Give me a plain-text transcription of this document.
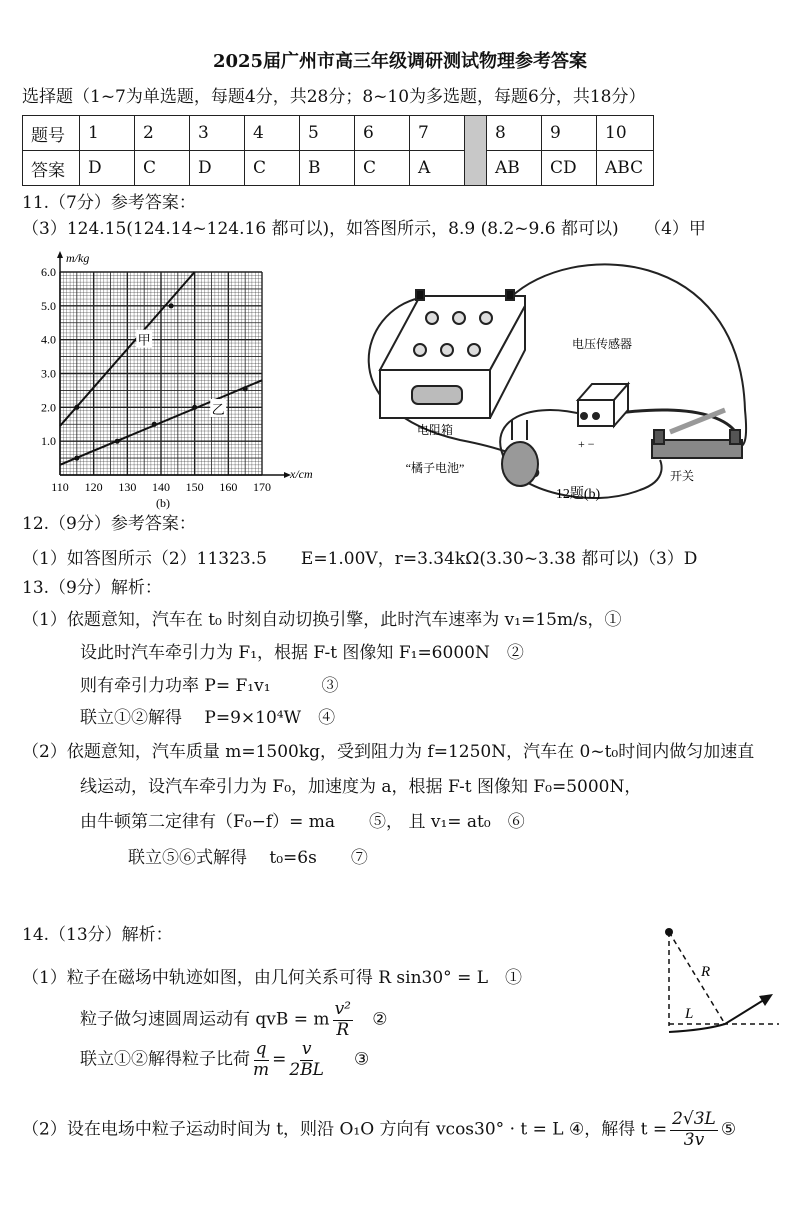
2025届广州市高三年级调研测试物理参考答案
选择题（1~7为单选题，每题4分，共28分；8~10为多选题，每题6分，共18分）
题号	1	2	3	4	5	6	7		8	9	10
答案	D	C	D	C	B	C	A		AB	CD	ABC
11.（7分）参考答案：
（3）124.15(124.14~124.16 都可以)，如答图所示，8.9 (8.2~9.6 都可以)　　（4）甲
110 120 130 140 150 160 170
1.0
2.0
3.0
4.0
5.0
6.0
甲
乙
m/kg
x/cm
(b)
电阻箱
电压传感器
+ −
“橘子电池”
开关
12题(b)
12.（9分）参考答案：
（1）如答图所示（2）11323.5　　E=1.00V，r=3.34kΩ(3.30~3.38 都可以)（3）D
13.（9分）解析：
（1）依题意知，汽车在 t₀ 时刻自动切换引擎，此时汽车速率为 v₁=15m/s，①
设此时汽车牵引力为 F₁，根据 F-t 图像知 F₁=6000N　②
则有牵引力功率 P= F₁v₁　　　③
联立①②解得　 P=9×10⁴W　④
（2）依题意知，汽车质量 m=1500kg，受到阻力为 f=1250N，汽车在 0~t₀时间内做匀加速直
线运动，设汽车牵引力为 F₀，加速度为 a，根据 F-t 图像知 F₀=5000N，
由牛顿第二定律有（F₀−f）= ma　　⑤， 且 v₁= at₀　⑥
联立⑤⑥式解得　 t₀=6s　　⑦
14.（13分）解析：
（1）粒子在磁场中轨迹如图，由几何关系可得 R sin30° = L　①
粒子做匀速圆周运动有 qvB = m $\frac{\text{v²}}{R}$ ②
联立①②解得粒子比荷 $\frac{q}{m} = \frac{v}{2BL}$ ③
（2）设在电场中粒子运动时间为 t，则沿 O₁O 方向有 vcos30° · t = L ④，解得 $t = \frac{2√3L}{3v}$ ⑤
R
L
